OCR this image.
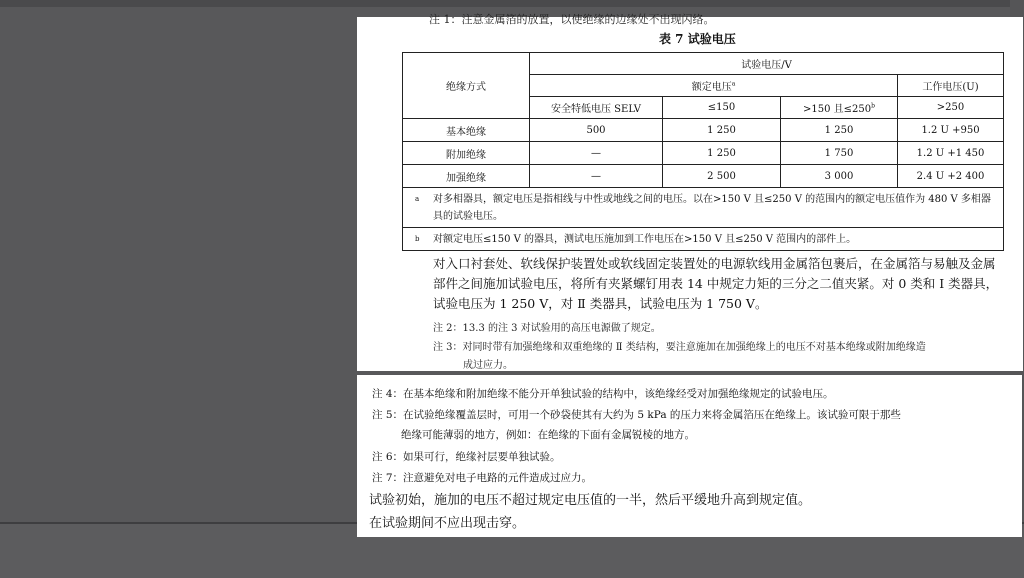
注 1：注意金属箔的放置，以使绝缘的边缘处不出现闪络。
表 7 试验电压
绝缘方式	试验电压/V			
	额定电压$^a$			工作电压(U)
	安全特低电压 SELV	≤150	>150 且$\le 250^b$	>250
基本绝缘	500	1 250	1 250	1.2 U +950
附加绝缘	—	1 250	1 750	1.2 U +1 450
加强绝缘	—	2 500	3 000	2.4 U +2 400
a 对多相器具，额定电压是指相线与中性或地线之间的电压。以在>150 V 且≤250 V 的范围内的额定电压值作为 480 V 多相器具的试验电压。				
b 对额定电压≤150 V 的器具，测试电压施加到工作电压在>150 V 且≤250 V 范围内的部件上。				
对入口衬套处、软线保护装置处或软线固定装置处的电源软线用金属箔包裹后，在金属箔与易触及金属部件之间施加试验电压，将所有夹紧螺钉用表 14 中规定力矩的三分之二值夹紧。对 0 类和 Ⅰ 类器具，试验电压为 1 250 V，对 Ⅱ 类器具，试验电压为 1 750 V。
注 2：13.3 的注 3 对试验用的高压电源做了规定。
注 3：对同时带有加强绝缘和双重绝缘的 Ⅱ 类结构，要注意施加在加强绝缘上的电压不对基本绝缘或附加绝缘造
成过应力。
注 4：在基本绝缘和附加绝缘不能分开单独试验的结构中，该绝缘经受对加强绝缘规定的试验电压。
注 5：在试验绝缘覆盖层时，可用一个砂袋使其有大约为 5 kPa 的压力来将金属箔压在绝缘上。该试验可限于那些
绝缘可能薄弱的地方，例如：在绝缘的下面有金属锐棱的地方。
注 6：如果可行，绝缘衬层要单独试验。
注 7：注意避免对电子电路的元件造成过应力。
试验初始，施加的电压不超过规定电压值的一半，然后平缓地升高到规定值。
在试验期间不应出现击穿。
